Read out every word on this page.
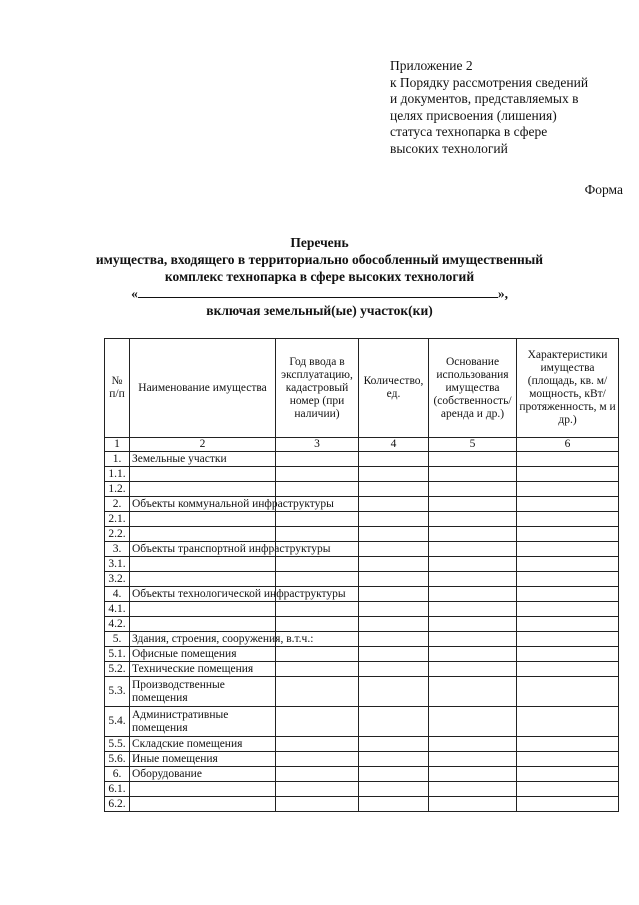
Приложение 2
к Порядку рассмотрения сведений
и документов, представляемых в
целях присвоения (лишения)
статуса технопарка в сфере
высоких технологий
Форма
Перечень
имущества, входящего в территориально обособленный имущественный
комплекс технопарка в сфере высоких технологий
«	»,
включая земельный(ые) участок(ки)
№ п/п	Наименование имущества	Год ввода в эксплуатацию, кадастровый номер (при наличии)	Количество, ед.	Основание использования имущества (собственность/ аренда и др.)	Характеристики имущества (площадь, кв. м/ мощность, кВт/ протяженность, м и др.)
1	2	3	4	5	6
1.	Земельные участки				

1.1.					
1.2.					
2.	Объекты коммунальной инфраструктуры				

2.1.					
2.2.					
3.	Объекты транспортной инфраструктуры				

3.1.					
3.2.					
4.	Объекты технологической инфраструктуры				

4.1.					
4.2.					
5.	Здания, строения, сооружения, в.т.ч.:				

5.1.	Офисные помещения				
5.2.	Технические помещения				
5.3.	Производственные помещения				
5.4.	Административные помещения				
5.5.	Складские помещения				
5.6.	Иные помещения				
6.	Оборудование				

6.1.					
6.2.					
